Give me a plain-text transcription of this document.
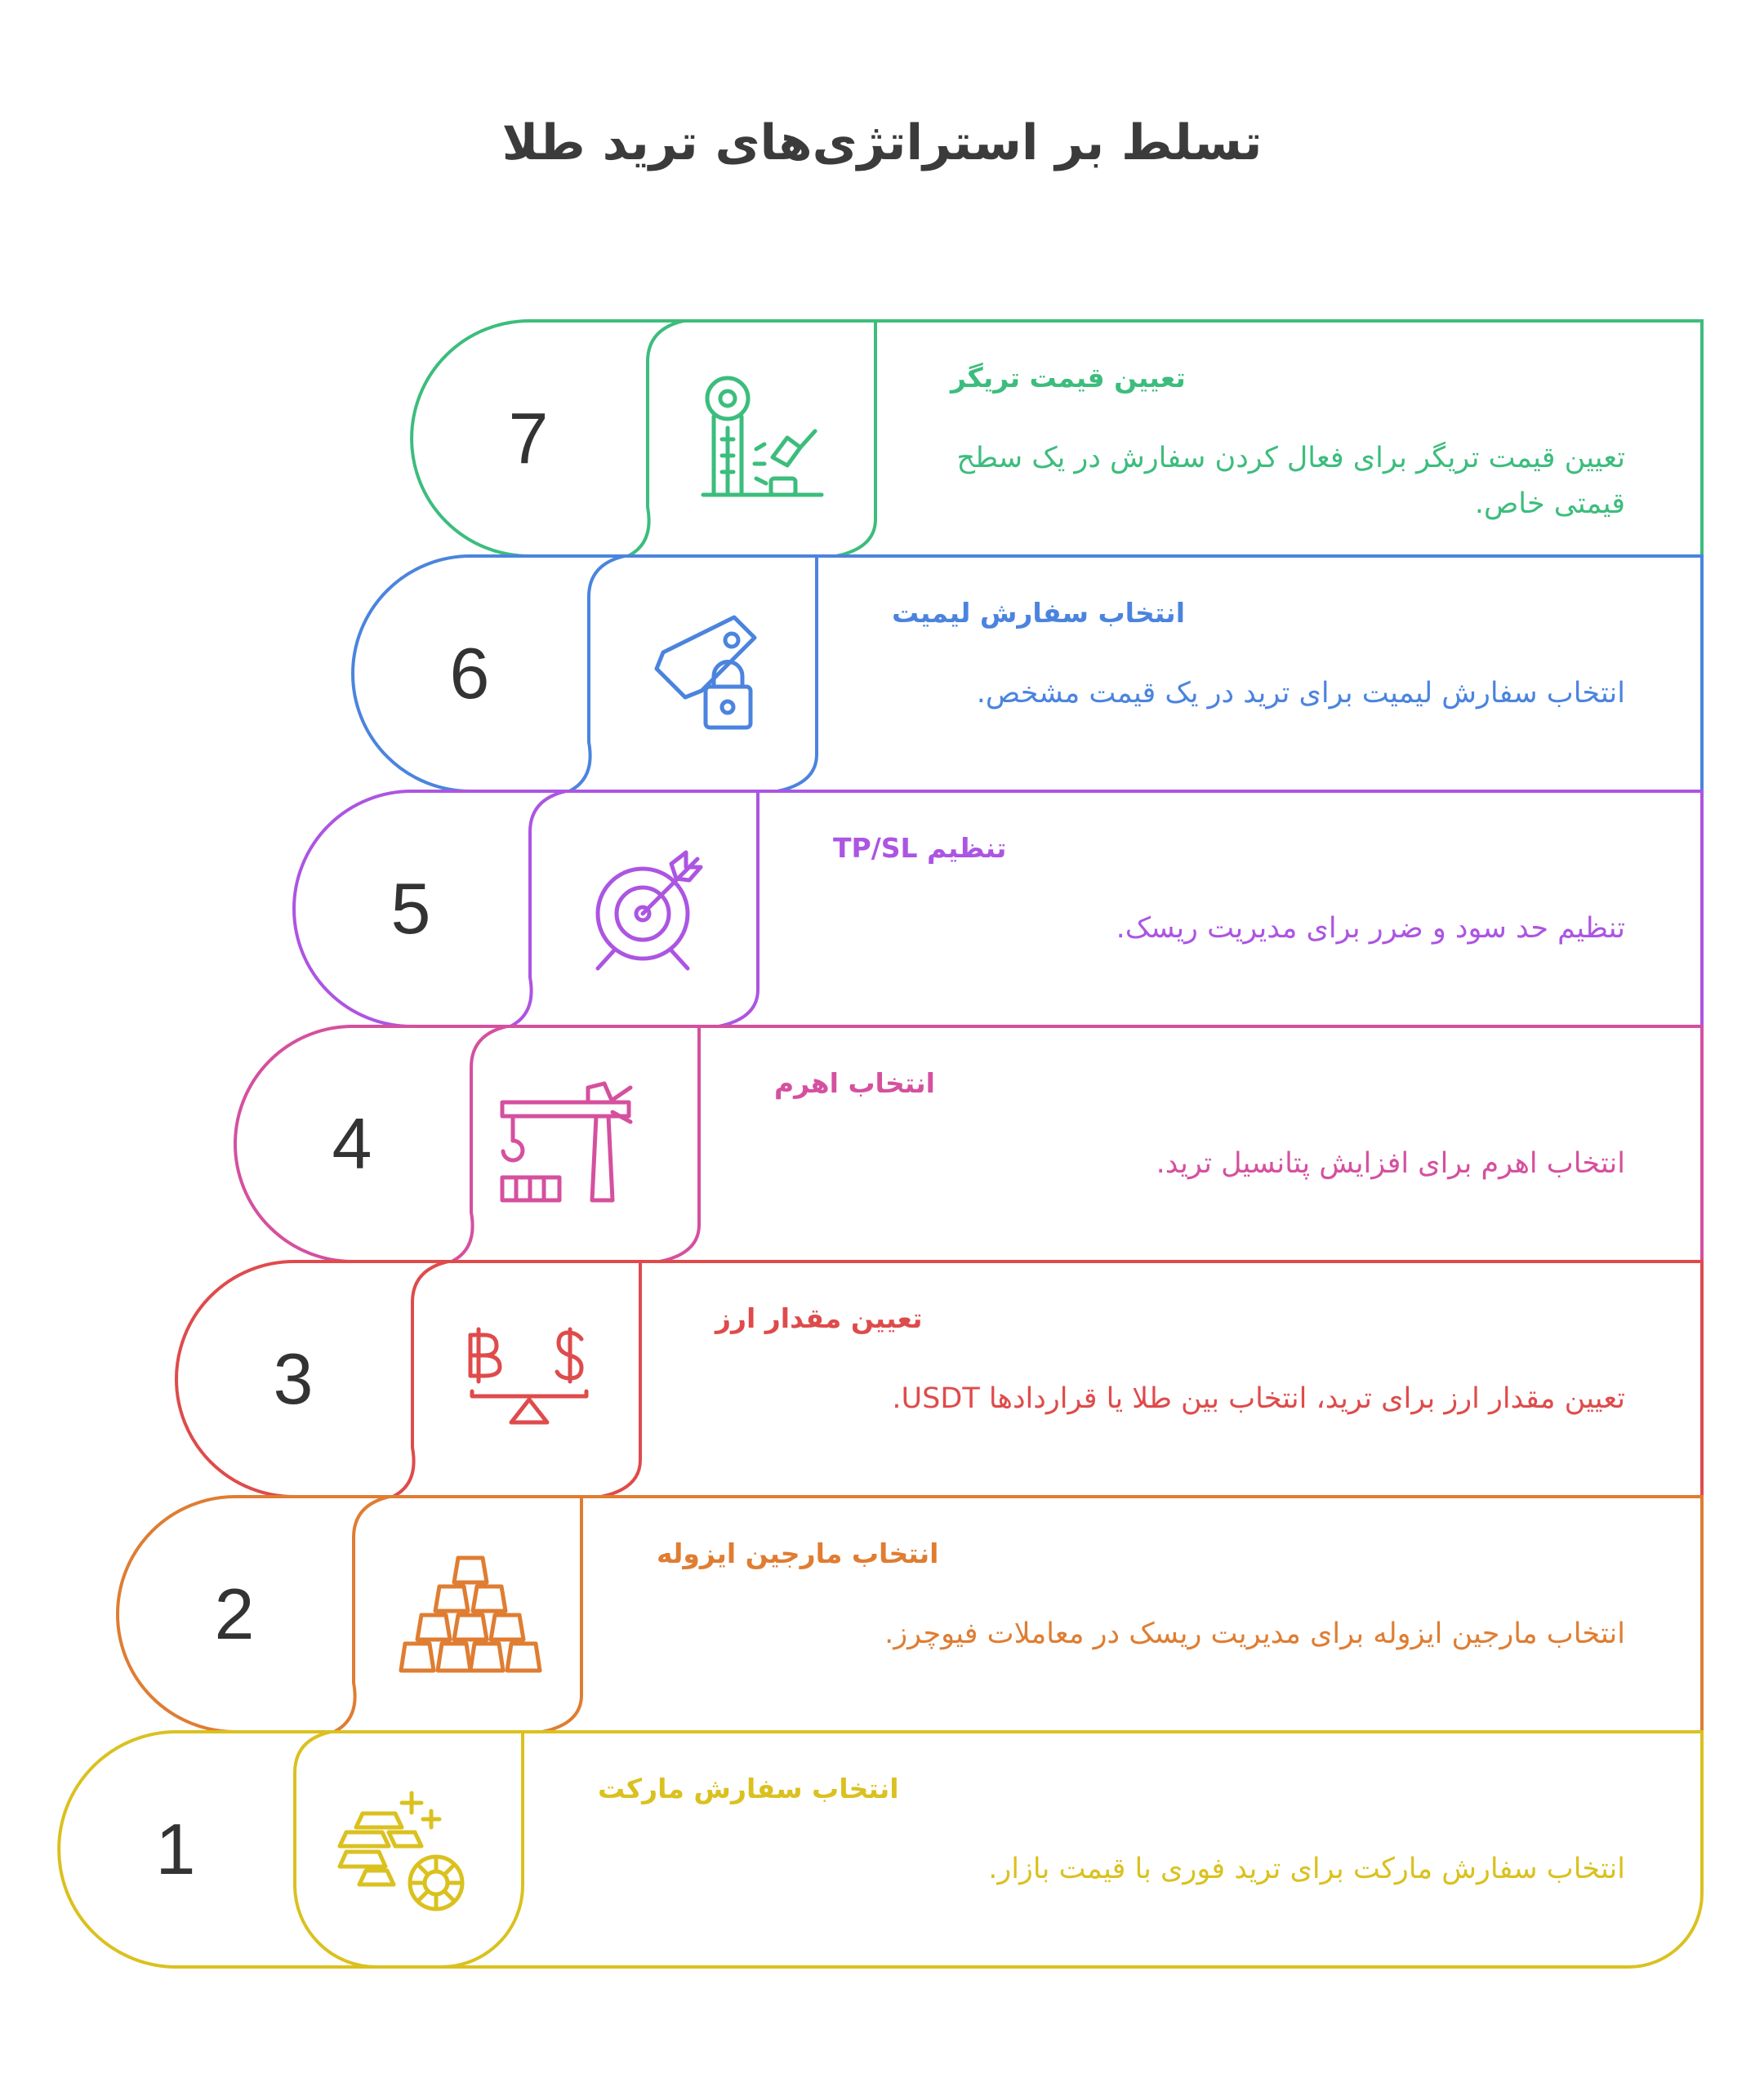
تسلط بر استراتژی‌های ترید طلا
7
6
5
4
3
2
1
تعیین قیمت تریگر
تعیین قیمت تریگر برای فعال کردن سفارش در یک سطح قیمتی خاص.
انتخاب سفارش لیمیت
انتخاب سفارش لیمیت برای ترید در یک قیمت مشخص.
تنظیم TP/SL
تنظیم حد سود و ضرر برای مدیریت ریسک.
انتخاب اهرم
انتخاب اهرم برای افزایش پتانسیل ترید.
تعیین مقدار ارز
تعیین مقدار ارز برای ترید، انتخاب بین طلا یا قراردادها USDT.
انتخاب مارجین ایزوله
انتخاب مارجین ایزوله برای مدیریت ریسک در معاملات فیوچرز.
انتخاب سفارش مارکت
انتخاب سفارش مارکت برای ترید فوری با قیمت بازار.
